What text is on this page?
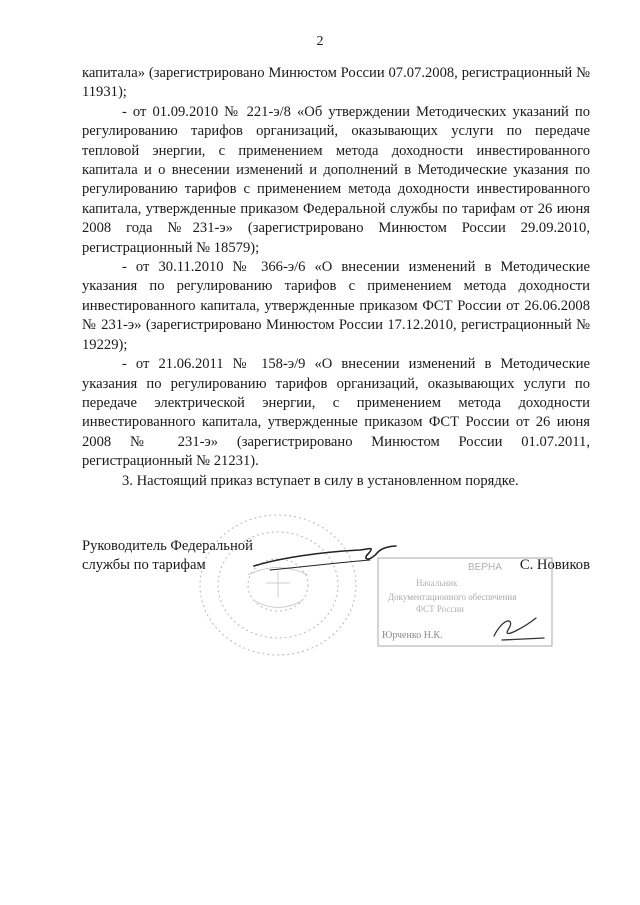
2

капитала» (зарегистрировано Минюстом России 07.07.2008, регистрационный № 11931);

- от 01.09.2010 № 221-э/8 «Об утверждении Методических указаний по регулированию тарифов организаций, оказывающих услуги по передаче тепловой энергии, с применением метода доходности инвестированного капитала и о внесении изменений и дополнений в Методические указания по регулированию тарифов с применением метода доходности инвестированного капитала, утвержденные приказом Федеральной службы по тарифам от 26 июня 2008 года №231-э» (зарегистрировано Минюстом России 29.09.2010, регистрационный № 18579);

- от 30.11.2010 № 366-э/6 «О внесении изменений в Методические указания по регулированию тарифов с применением метода доходности инвестированного капитала, утвержденные приказом ФСТ России от 26.06.2008 № 231-э» (зарегистрировано Минюстом России 17.12.2010, регистрационный № 19229);

- от 21.06.2011 № 158-э/9 «О внесении изменений в Методические указания по регулированию тарифов организаций, оказывающих услуги по передаче электрической энергии, с применением метода доходности инвестированного капитала, утвержденные приказом ФСТ России от 26 июня 2008 № 231-э» (зарегистрировано Минюстом России 01.07.2011, регистрационный № 21231).

3. Настоящий приказ вступает в силу в установленном порядке.

Руководитель Федеральной
службы по тарифам	С. Новиков
ВЕРНА
Начальник
Документационного обеспечения
ФСТ России
Юрченко Н.К.
